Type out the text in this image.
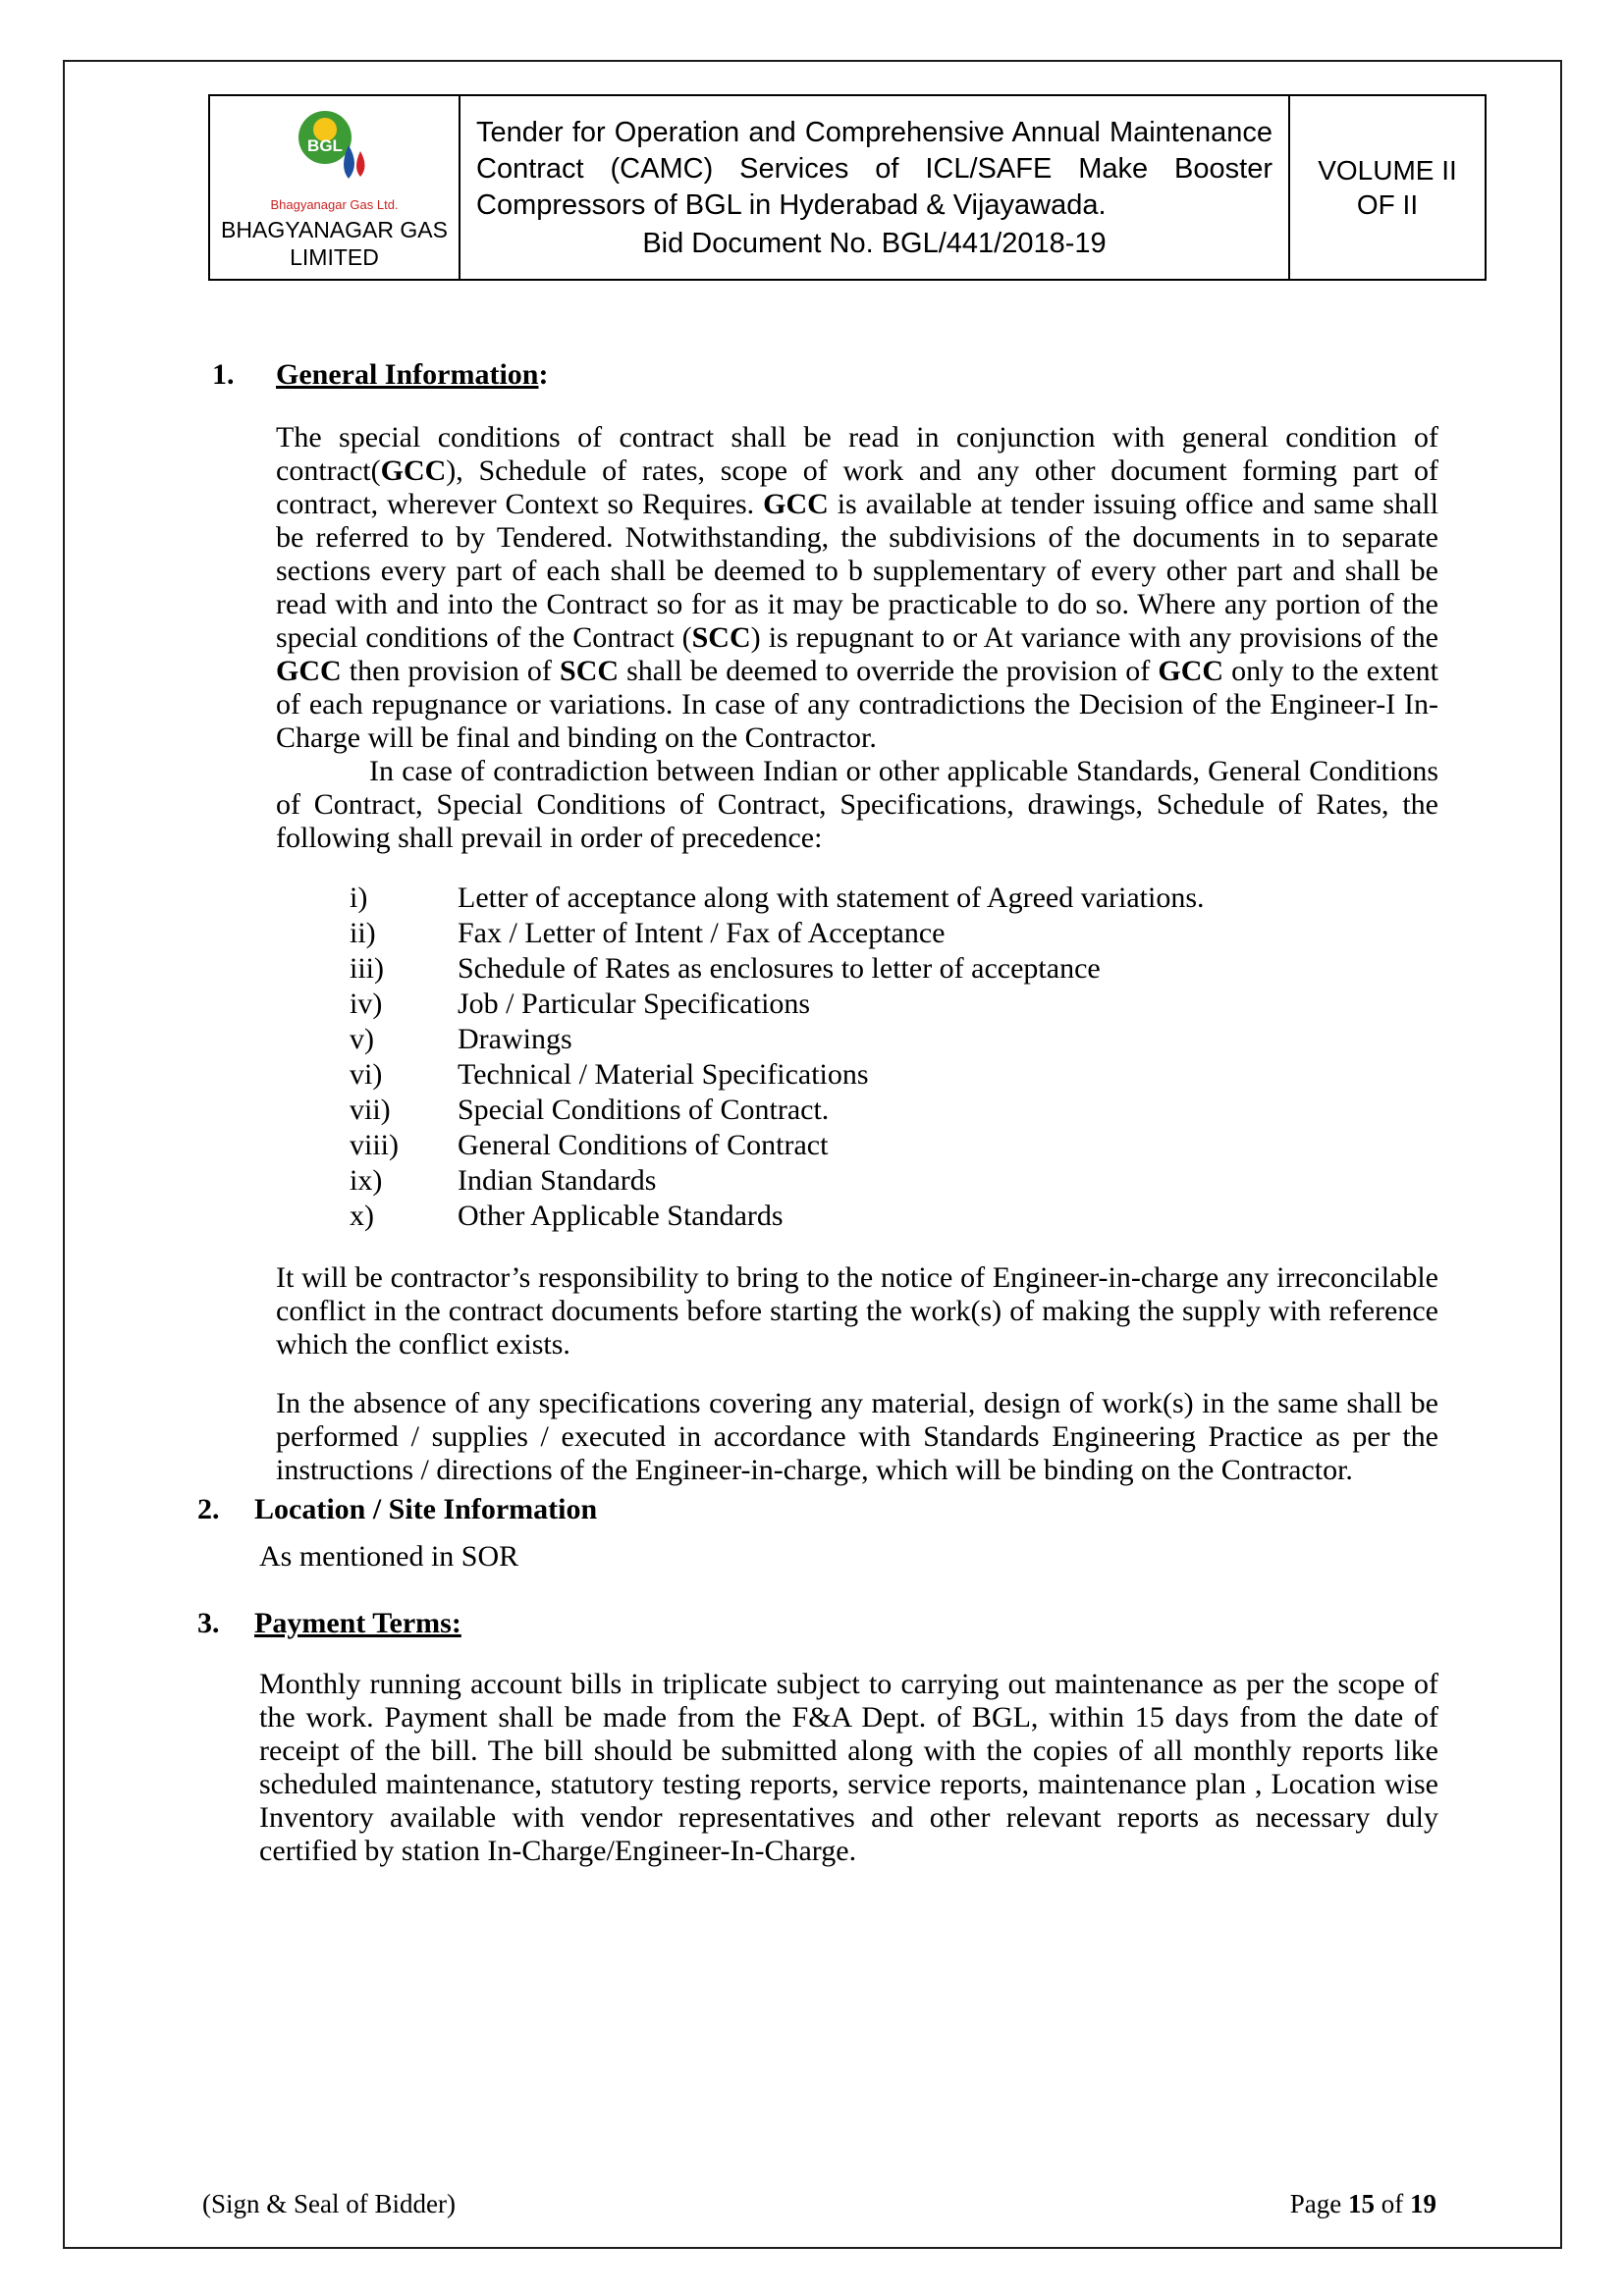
BGL
Bhagyanagar Gas Ltd.
BHAGYANAGAR GAS
LIMITED

Tender for Operation and Comprehensive Annual Maintenance Contract (CAMC) Services of ICL/SAFE Make Booster Compressors of BGL in Hyderabad & Vijayawada.
Bid Document No. BGL/441/2018-19

VOLUME II
OF II
1.	General Information:

The special conditions of contract shall be read in conjunction with general condition of contract(GCC), Schedule of rates, scope of work and any other document forming part of contract, wherever Context so Requires. GCC is available at tender issuing office and same shall be referred to by Tendered. Notwithstanding, the subdivisions of the documents in to separate sections every part of each shall be deemed to b supplementary of every other part and shall be read with and into the Contract so for as it may be practicable to do so. Where any portion of the special conditions of the Contract (SCC) is repugnant to or At variance with any provisions of the GCC then provision of SCC shall be deemed to override the provision of GCC only to the extent of each repugnance or variations. In case of any contradictions the Decision of the Engineer-I In-Charge will be final and binding on the Contractor.

In case of contradiction between Indian or other applicable Standards, General Conditions of Contract, Special Conditions of Contract, Specifications, drawings, Schedule of Rates, the following shall prevail in order of precedence:

i)	Letter of acceptance along with statement of Agreed variations.
ii)	Fax / Letter of Intent / Fax of Acceptance
iii)	Schedule of Rates as enclosures to letter of acceptance
iv)	Job / Particular Specifications
v)	Drawings
vi)	Technical / Material Specifications
vii)	Special Conditions of Contract.
viii)	General Conditions of Contract
ix)	Indian Standards
x)	Other Applicable Standards

It will be contractor’s responsibility to bring to the notice of Engineer-in-charge any irreconcilable conflict in the contract documents before starting the work(s) of making the supply with reference which the conflict exists.

In the absence of any specifications covering any material, design of work(s) in the same shall be performed / supplies / executed in accordance with Standards Engineering Practice as per the instructions / directions of the Engineer-in-charge, which will be binding on the Contractor.

2.	Location / Site Information
As mentioned in SOR
3.	Payment Terms:

Monthly running account bills in triplicate subject to carrying out maintenance as per the scope of the work. Payment shall be made from the F&A Dept. of BGL, within 15 days from the date of receipt of the bill. The bill should be submitted along with the copies of all monthly reports like scheduled maintenance, statutory testing reports, service reports, maintenance plan , Location wise Inventory available with vendor representatives and other relevant reports as necessary duly certified by station In-Charge/Engineer-In-Charge.

(Sign & Seal of Bidder)	Page 15 of 19
